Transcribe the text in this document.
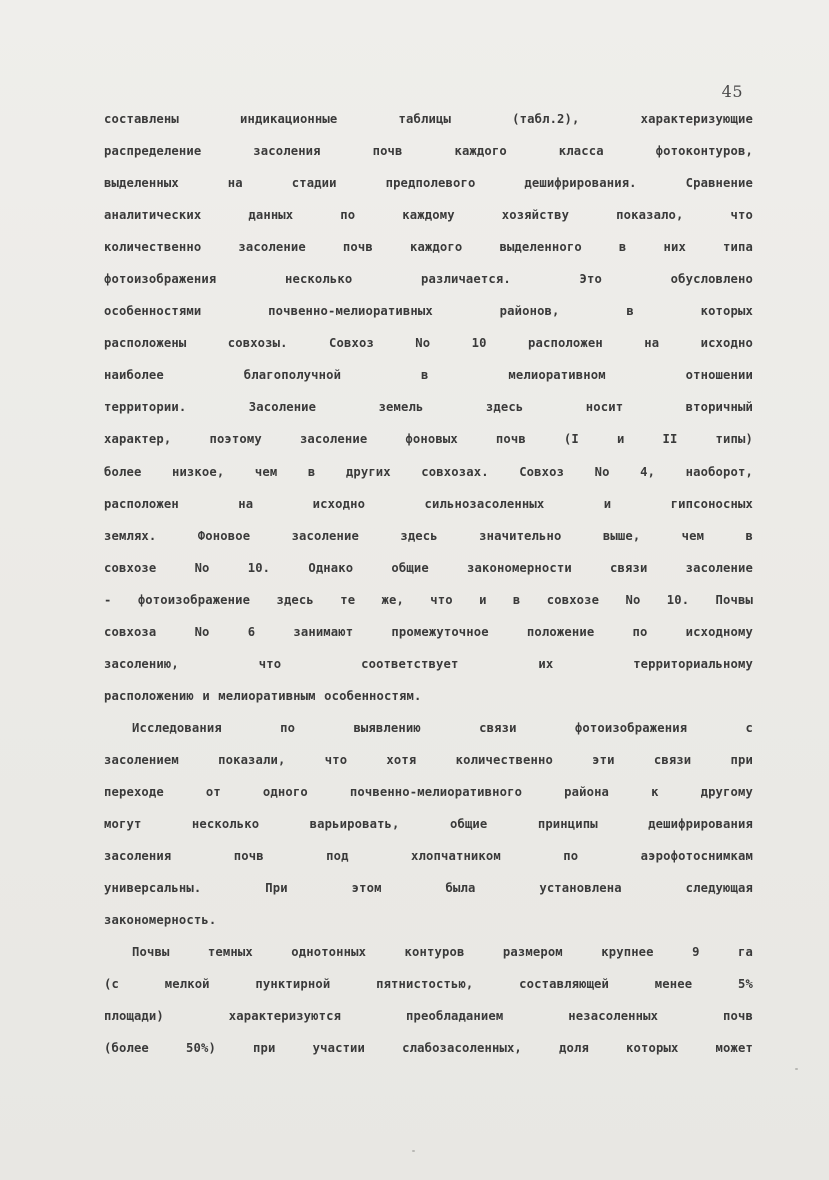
45
составлены индикационные таблицы (табл.2), характеризующие
распределение засоления почв каждого класса фотоконтуров,
выделенных на стадии предполевого дешифрирования. Сравнение
аналитических данных по каждому хозяйству показало, что
количественно засоление почв каждого выделенного в них типа
фотоизображения несколько различается. Это обусловлено
особенностями почвенно-мелиоративных районов, в которых
расположены совхозы. Совхоз No 10 расположен на исходно
наиболее благополучной в мелиоративном отношении
территории. Засоление земель здесь носит вторичный
характер, поэтому засоление фоновых почв (I и II типы)
более низкое, чем в других совхозах. Совхоз No 4, наоборот,
расположен на исходно сильнозасоленных и гипсоносных
землях. Фоновое засоление здесь значительно выше, чем в
совхозе No 10. Однако общие закономерности связи засоление
- фотоизображение здесь те же, что и в совхозе No 10. Почвы
совхоза No 6 занимают промежуточное положение по исходному
засолению, что соответствует их территориальному
расположению и мелиоративным особенностям.
Исследования по выявлению связи фотоизображения с
засолением показали, что хотя количественно эти связи при
переходе от одного почвенно-мелиоративного района к другому
могут несколько варьировать, общие принципы дешифрирования
засоления почв под хлопчатником по аэрофотоснимкам
универсальны. При этом была установлена следующая
закономерность.
Почвы темных однотонных контуров размером крупнее 9 га
(с мелкой пунктирной пятнистостью, составляющей менее 5%
площади) характеризуются преобладанием незасоленных почв
(более 50%) при участии слабозасоленных, доля которых может
